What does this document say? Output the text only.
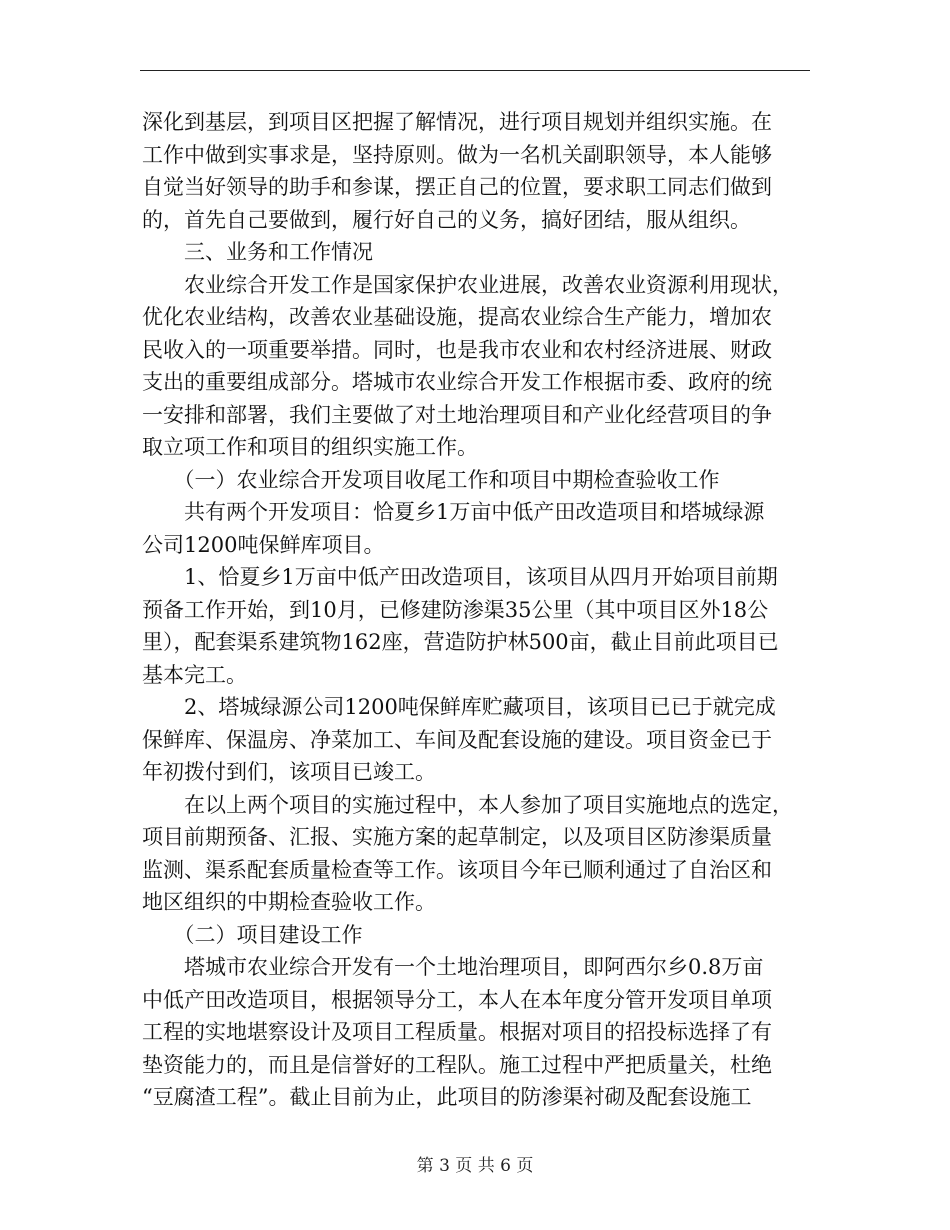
深化到基层，到项目区把握了解情况，进行项目规划并组织实施。在
工作中做到实事求是，坚持原则。做为一名机关副职领导，本人能够
自觉当好领导的助手和参谋，摆正自己的位置，要求职工同志们做到
的，首先自己要做到，履行好自己的义务，搞好团结，服从组织。
　　三、业务和工作情况
　　农业综合开发工作是国家保护农业进展，改善农业资源利用现状，
优化农业结构，改善农业基础设施，提高农业综合生产能力，增加农
民收入的一项重要举措。同时，也是我市农业和农村经济进展、财政
支出的重要组成部分。塔城市农业综合开发工作根据市委、政府的统
一安排和部署，我们主要做了对土地治理项目和产业化经营项目的争
取立项工作和项目的组织实施工作。
　　（一）农业综合开发项目收尾工作和项目中期检查验收工作
　　共有两个开发项目：恰夏乡1万亩中低产田改造项目和塔城绿源
公司1200吨保鲜库项目。
　　1、恰夏乡1万亩中低产田改造项目，该项目从四月开始项目前期
预备工作开始，到10月，已修建防渗渠35公里（其中项目区外18公
里），配套渠系建筑物162座，营造防护林500亩，截止目前此项目已
基本完工。
　　2、塔城绿源公司1200吨保鲜库贮藏项目，该项目已已于就完成
保鲜库、保温房、净菜加工、车间及配套设施的建设。项目资金已于
年初拨付到们，该项目已竣工。
　　在以上两个项目的实施过程中，本人参加了项目实施地点的选定，
项目前期预备、汇报、实施方案的起草制定，以及项目区防渗渠质量
监测、渠系配套质量检查等工作。该项目今年已顺利通过了自治区和
地区组织的中期检查验收工作。
　　（二）项目建设工作
　　塔城市农业综合开发有一个土地治理项目，即阿西尔乡0.8万亩
中低产田改造项目，根据领导分工，本人在本年度分管开发项目单项
工程的实地堪察设计及项目工程质量。根据对项目的招投标选择了有
垫资能力的，而且是信誉好的工程队。施工过程中严把质量关，杜绝
“豆腐渣工程”。截止目前为止，此项目的防渗渠衬砌及配套设施工
第 3 页 共 6 页
